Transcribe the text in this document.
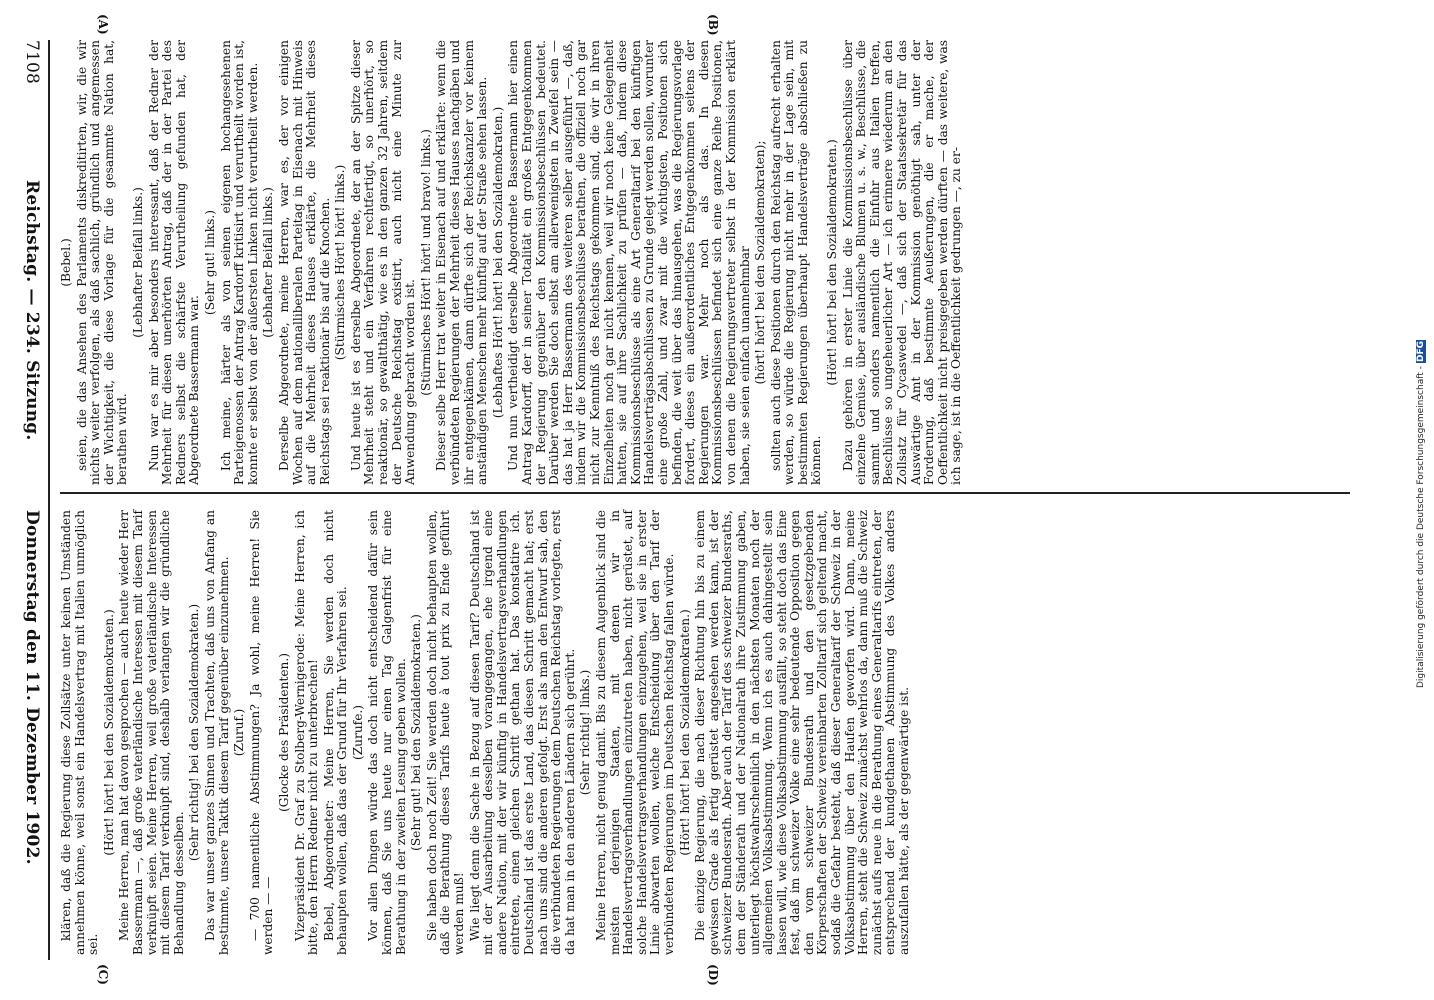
7108
Reichstag. — 234. Sitzung.
Donnerstag den 11. Dezember 1902.

(Bebel.) seien, die das Ansehen des Parlaments diskreditirten, wir, die wir nichts weiter verfolgen, als daß sachlich, gründlich und angemessen der Wichtigkeit, die diese Vorlage für die gesammte Nation hat, berathen wird.

(Lebhafter Beifall links.) Nun war es mir aber besonders interessant, daß der Redner der Mehrheit für diesen unerhörten Antrag, daß der in der Partei des Redners selbst die schärfste Verurtheilung gefunden hat, der Abgeordnete Bassermann war.

(Sehr gut! links.) Ich meine, härter als von seinen eigenen hochangesehenen Parteigenossen der Antrag Kardorff kritisirt und verurtheilt worden ist, konnte er selbst von der äußersten Linken nicht verurtheilt werden. (Lebhafter Beifall links.) Derselbe Abgeordnete, meine Herren, war es, der vor einigen Wochen auf dem nationalliberalen Parteitag in Eisenach mit Hinweis auf die Mehrheit dieses Hauses erklärte, die Mehrheit dieses Reichstags sei reaktionär bis auf die Knochen. (Stürmisches Hört! hört! links.) Und heute ist es derselbe Abgeordnete, der an der Spitze dieser Mehrheit steht und ein Verfahren rechtfertigt, so unerhört, so reaktionär, so gewaltthätig, wie es in den ganzen 32 Jahren, seitdem der Deutsche Reichstag existirt, auch nicht eine Minute zur Anwendung gebracht worden ist. (Stürmisches Hört! hört! und bravo! links.) Dieser selbe Herr trat weiter in Eisenach auf und erklärte: wenn die verbündeten Regierungen der Mehrheit dieses Hauses nachgäben und ihr entgegenkämen, dann dürfte sich der Reichskanzler vor keinem anständigen Menschen mehr künftig auf der Straße sehen lassen. (Lebhaftes Hört! hört! bei den Sozialdemokraten.) Und nun vertheidigt derselbe Abgeordnete Bassermann hier einen Antrag Kardorff, der in seiner Totalität ein großes Entgegenkommen der Regierung gegenüber den Kommissionsbeschlüssen bedeutet. Darüber werden Sie doch selbst am allerwenigsten in Zweifel sein — das hat ja Herr Bassermann des weiteren selber ausgeführt —, daß, indem wir die Kommissionsbeschlüsse berathen, die offiziell noch gar nicht zur Kenntniß des Reichstags gekommen sind, die wir in ihren Einzelheiten noch gar nicht kennen, weil wir noch keine Gelegenheit hatten, sie auf ihre Sachlichkeit zu prüfen — daß, indem diese Kommissionsbeschlüsse als eine Art Generaltarif bei den künftigen Handelsverträgsabschlüssen zu Grunde gelegt werden sollen, worunter eine große Zahl, und zwar mit die wichtigsten, Positionen sich befinden, die weit über das hinausgehen, was die Regierungsvorlage fordert, dieses ein außerordentliches Entgegenkommen seitens der Regierungen war. Mehr noch als das. In diesen Kommissionsbeschlüssen befindet sich eine ganze Reihe Positionen, von denen die Regierungsvertreter selbst in der Kommission erklärt haben, sie seien einfach unannehmbar (hört! hört! bei den Sozialdemokraten); sollten auch diese Positionen durch den Reichstag aufrecht erhalten werden, so würde die Regierung nicht mehr in der Lage sein, mit bestimmten Regierungen überhaupt Handelsverträge abschließen zu können.

(Hört! hört! bei den Sozialdemokraten.) Dazu gehören in erster Linie die Kommissionsbeschlüsse über einzelne Gemüse, über ausländische Blumen u. s. w., Beschlüsse, die sammt und sonders namentlich die Einfuhr aus Italien treffen, Beschlüsse so ungeheuerlicher Art — ich erinnere wiederum an den Zollsatz für Cycaswedel —, daß sich der Staatssekretär für das Auswärtige Amt in der Kommission genöthigt sah, unter der Forderung, daß bestimmte Aeußerungen, die er mache, der Oeffentlichkeit nicht preisgegeben werden dürften — das weitere, was ich sage, ist in die Oeffentlichkeit gedrungen —, zu er-

klären, daß die Regierung diese Zollsätze unter keinen Umständen annehmen könne, weil sonst ein Handelsvertrag mit Italien unmöglich sei.

(Hört! hört! bei den Sozialdemokraten.) Meine Herren, man hat davon gesprochen — auch heute wieder Herr Bassermann —, daß große vaterländische Interessen mit diesem Tarif verknüpft seien. Meine Herren, weil große vaterländische Interessen mit diesem Tarif verknüpft sind, deshalb verlangen wir die gründliche Behandlung desselben.

(Sehr richtig! bei den Sozialdemokraten.) Das war unser ganzes Sinnen und Trachten, daß uns von Anfang an bestimmte, unsere Taktik diesem Tarif gegenüber einzunehmen. (Zuruf.) — 700 namentliche Abstimmungen? Ja wohl, meine Herren! Sie werden — —

(Glocke des Präsidenten.) Vizepräsident Dr. Graf zu Stolberg-Wernigerode: Meine Herren, ich bitte, den Herrn Redner nicht zu unterbrechen! Bebel, Abgeordneter: Meine Herren, Sie werden doch nicht behaupten wollen, daß das der Grund für Ihr Verfahren sei. (Zurufe.) Vor allen Dingen würde das doch nicht entscheidend dafür sein können, daß Sie uns heute nur einen Tag Galgenfrist für eine Berathung in der zweiten Lesung geben wollen. (Sehr gut! bei den Sozialdemokraten.) Sie haben doch noch Zeit! Sie werden doch nicht behaupten wollen, daß die Berathung dieses Tarifs heute à tout prix zu Ende geführt werden muß! Wie liegt denn die Sache in Bezug auf diesen Tarif? Deutschland ist mit der Ausarbeitung desselben vorangegangen, ehe irgend eine andere Nation, mit der wir künftig in Handelsvertragsverhandlungen eintreten, einen gleichen Schritt gethan hat. Das konstatire ich. Deutschland ist das erste Land, das diesen Schritt gemacht hat; erst nach uns sind die anderen gefolgt. Erst als man den Entwurf sah, den die verbündeten Regierungen dem Deutschen Reichstag vorlegten, erst da hat man in den anderen Ländern sich gerührt. (Sehr richtig! links.) Meine Herren, nicht genug damit. Bis zu diesem Augenblick sind die meisten derjenigen Staaten, mit denen wir in Handelsvertragsverhandlungen einzutreten haben, nicht gerüstet, auf solche Handelsvertragsverhandlungen einzugehen, weil sie in erster Linie abwarten wollen, welche Entscheidung über den Tarif der verbündeten Regierungen im Deutschen Reichstag fallen würde. (Hört! hört! bei den Sozialdemokraten.) Die einzige Regierung, die nach dieser Richtung hin bis zu einem gewissen Grade als fertig gerüstet angesehen werden kann, ist der schweizer Bundesrath. Aber auch der Tarif des schweizer Bundesraths, dem der Ständerath und der Nationalrath ihre Zustimmung gaben, unterliegt höchstwahrscheinlich in den nächsten Monaten noch der allgemeinen Volksabstimmung. Wenn ich es auch dahingestellt sein lassen will, wie diese Volksabstimmung ausfällt, so steht doch das Eine fest, daß im schweizer Volke eine sehr bedeutende Opposition gegen den vom schweizer Bundesrath und den gesetzgebenden Körperschaften der Schweiz vereinbarten Zolltarif sich geltend macht, sodaß die Gefahr besteht, daß dieser Generaltarif der Schweiz in der Volksabstimmung über den Haufen geworfen wird. Dann, meine Herren, steht die Schweiz zunächst wehrlos da, dann muß die Schweiz zunächst aufs neue in die Berathung eines Generaltarifs eintreten, der entsprechend der kundgethanen Abstimmung des Volkes anders auszufallen hätte, als der gegenwärtige ist.

(A)	(B)
(C)	(D)
Digitalisierung gefördert durch die Deutsche Forschungsgemeinschaft - DFG
